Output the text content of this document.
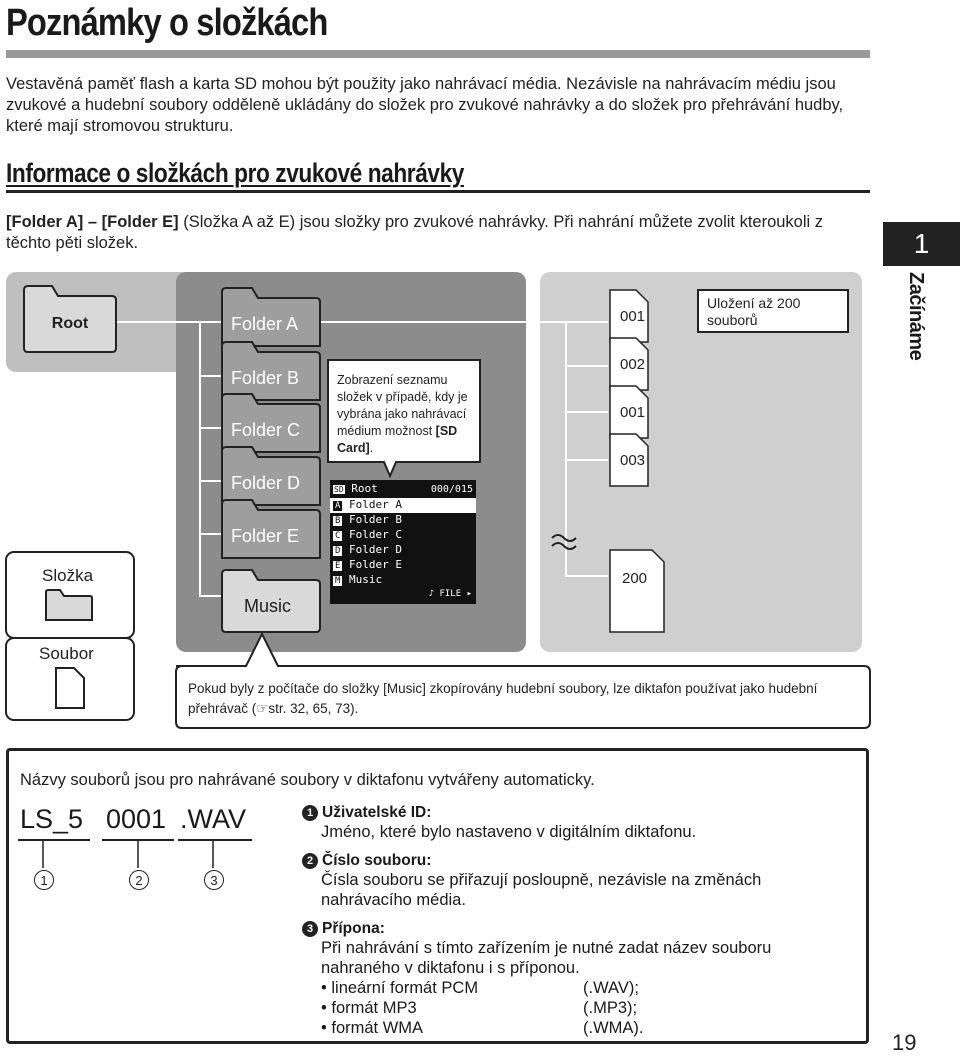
Poznámky o složkách
Vestavěná paměť flash a karta SD mohou být použity jako nahrávací média. Nezávisle na nahrávacím médiu jsou zvukové a hudební soubory odděleně ukládány do složek pro zvukové nahrávky a do složek pro přehrávání hudby, které mají stromovou strukturu.
Informace o složkách pro zvukové nahrávky
[Folder A] – [Folder E] (Složka A až E) jsou složky pro zvukové nahrávky. Při nahrání můžete zvolit kteroukoli z těchto pěti složek.	1
Začínáme
Root	Folder A
Folder B
Folder C
Folder D
Folder E
Music
001
002
001
003
200
Uložení až 200 souborů
Zobrazení seznamu složek v případě, kdy je vybrána jako nahrávací médium možnost [SD Card].
SD Root	000/015
A Folder A
B Folder B
C Folder C
D Folder D
E Folder E
M Music
♪ FILE ▸
Složka
Soubor
Pokud byly z počítače do složky [Music] zkopírovány hudební soubory, lze diktafon používat jako hudební přehrávač (☞str. 32, 65, 73).
Názvy souborů jsou pro nahrávané soubory v diktafonu vytvářeny automaticky.
LS_5 0001 .WAV
1	2	3
1 Uživatelské ID:
Jméno, které bylo nastaveno v digitálním diktafonu.
2 Číslo souboru:
Čísla souboru se přiřazují posloupně, nezávisle na změnách nahrávacího média.
3 Přípona:
Při nahrávání s tímto zařízením je nutné zadat název souboru nahraného v diktafonu i s příponou.
• lineární formát PCM	(.WAV);
• formát MP3	(.MP3);
• formát WMA	(.WMA).
19
